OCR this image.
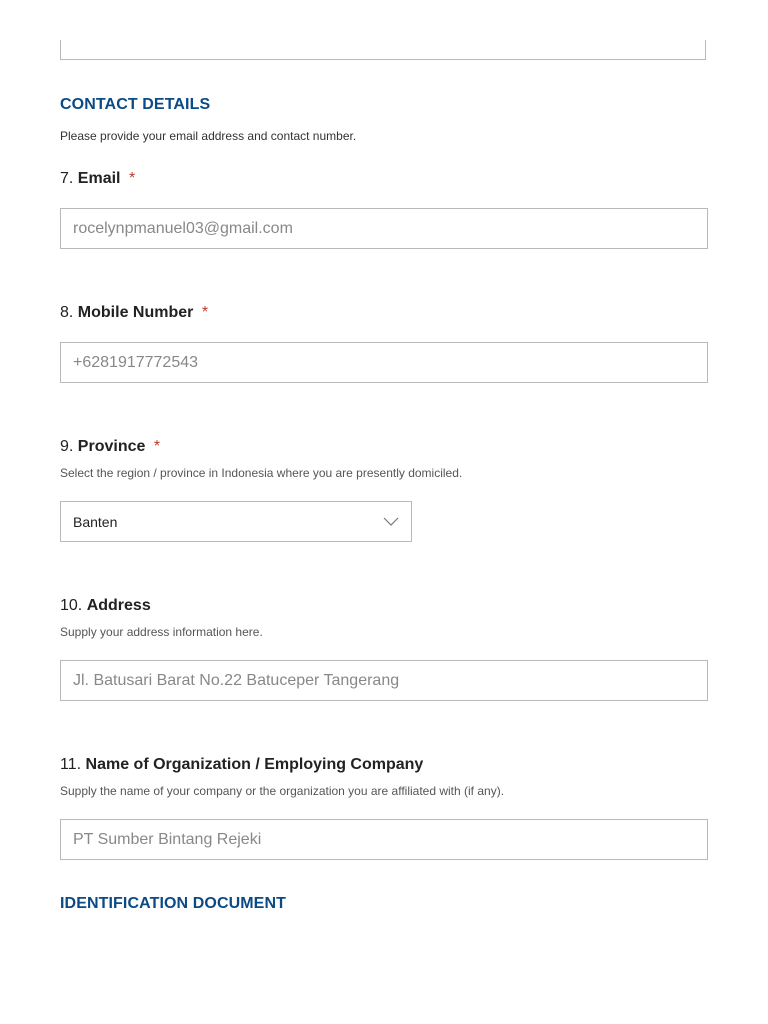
CONTACT DETAILS

Please provide your email address and contact number.

7. Email *
rocelynpmanuel03@gmail.com
8. Mobile Number *
+6281917772543
9. Province *

Select the region / province in Indonesia where you are presently domiciled.

Banten
10. Address

Supply your address information here.

Jl. Batusari Barat No.22 Batuceper Tangerang
11. Name of Organization / Employing Company

Supply the name of your company or the organization you are affiliated with (if any).

PT Sumber Bintang Rejeki
IDENTIFICATION DOCUMENT
